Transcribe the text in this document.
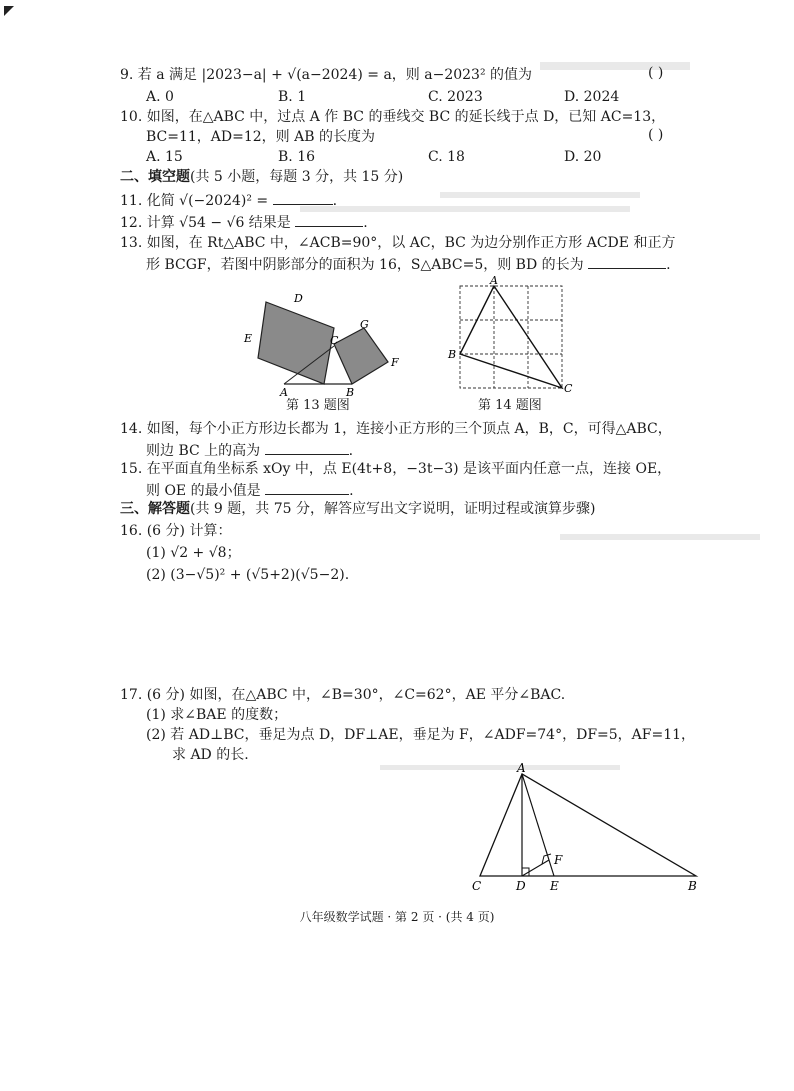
9. 若 a 满足 |2023−a| + √(a−2024) = a，则 a−2023² 的值为	( )
A. 0	B. 1	C. 2023	D. 2024
10. 如图，在△ABC 中，过点 A 作 BC 的垂线交 BC 的延长线于点 D，已知 AC=13，
BC=11，AD=12，则 AB 的长度为	( )
A. 15	B. 16	C. 18	D. 20
二、填空题(共 5 小题，每题 3 分，共 15 分)
11. 化简 √(−2024)² =	.
12. 计算 √54 − √6 结果是	.
13. 如图，在 Rt△ABC 中，∠ACB=90°，以 AC，BC 为边分别作正方形 ACDE 和正方
形 BCGF，若图中阴影部分的面积为 16，S△ABC=5，则 BD 的长为	.
D
E	C
G
F
A	B
第 13 题图
A
B
C
第 14 题图
14. 如图，每个小正方形边长都为 1，连接小正方形的三个顶点 A，B，C，可得△ABC，
则边 BC 上的高为	.
15. 在平面直角坐标系 xOy 中，点 E(4t+8，−3t−3) 是该平面内任意一点，连接 OE，
则 OE 的最小值是	.
三、解答题(共 9 题，共 75 分，解答应写出文字说明，证明过程或演算步骤)
16. (6 分) 计算：
(1) √2 + √8；
(2) (3−√5)² + (√5+2)(√5−2).
17. (6 分) 如图，在△ABC 中，∠B=30°，∠C=62°，AE 平分∠BAC.
(1) 求∠BAE 的度数；
(2) 若 AD⊥BC，垂足为点 D，DF⊥AE，垂足为 F，∠ADF=74°，DF=5，AF=11，
求 AD 的长.
A
F
C	D E	B
八年级数学试题 · 第 2 页 · (共 4 页)
